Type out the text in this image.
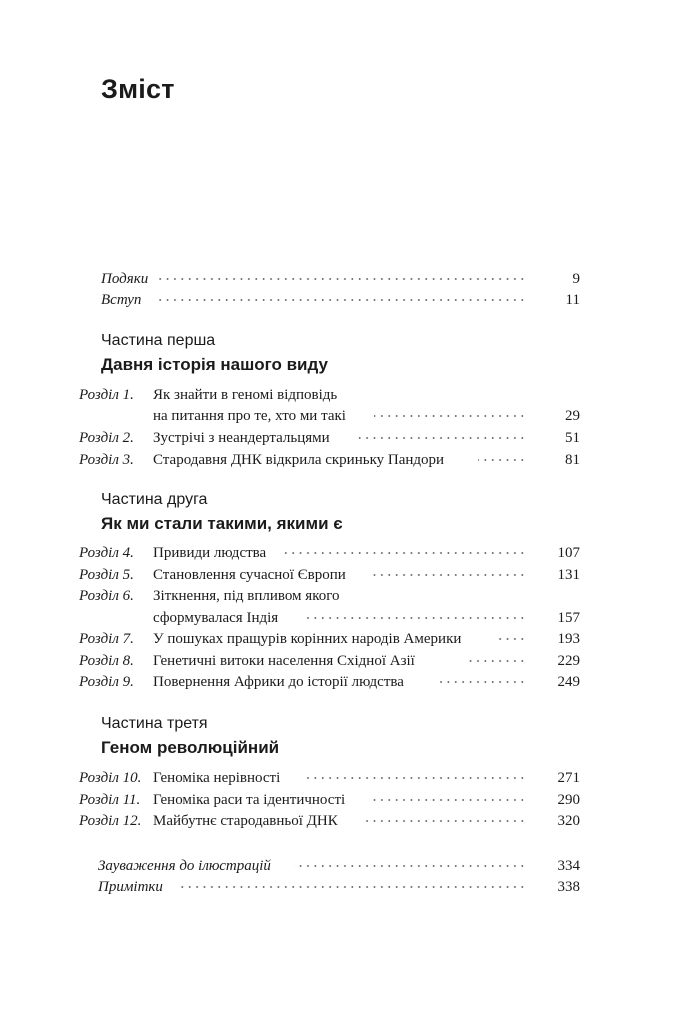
Зміст
Подяки	9
Вступ	11
Частина перша
Давня історія нашого виду
Розділ 1. Як знайти в геномі відповідь
на питання про те, хто ми такі	29
Розділ 2. Зустрічі з неандертальцями	51
Розділ 3. Стародавня ДНК відкрила скриньку Пандори	81
Частина друга
Як ми стали такими, якими є
Розділ 4. Привиди людства	107
Розділ 5. Становлення сучасної Європи	131
Розділ 6. Зіткнення, під впливом якого
сформувалася Індія	157
Розділ 7. У пошуках пращурів корінних народів Америки	193
Розділ 8. Генетичні витоки населення Східної Азії	229
Розділ 9. Повернення Африки до історії людства	249
Частина третя
Геном революційний
Розділ 10. Геноміка нерівності	271
Розділ 11. Геноміка раси та ідентичності	290
Розділ 12. Майбутнє стародавньої ДНК	320
Зауваження до ілюстрацій	334
Примітки	338
